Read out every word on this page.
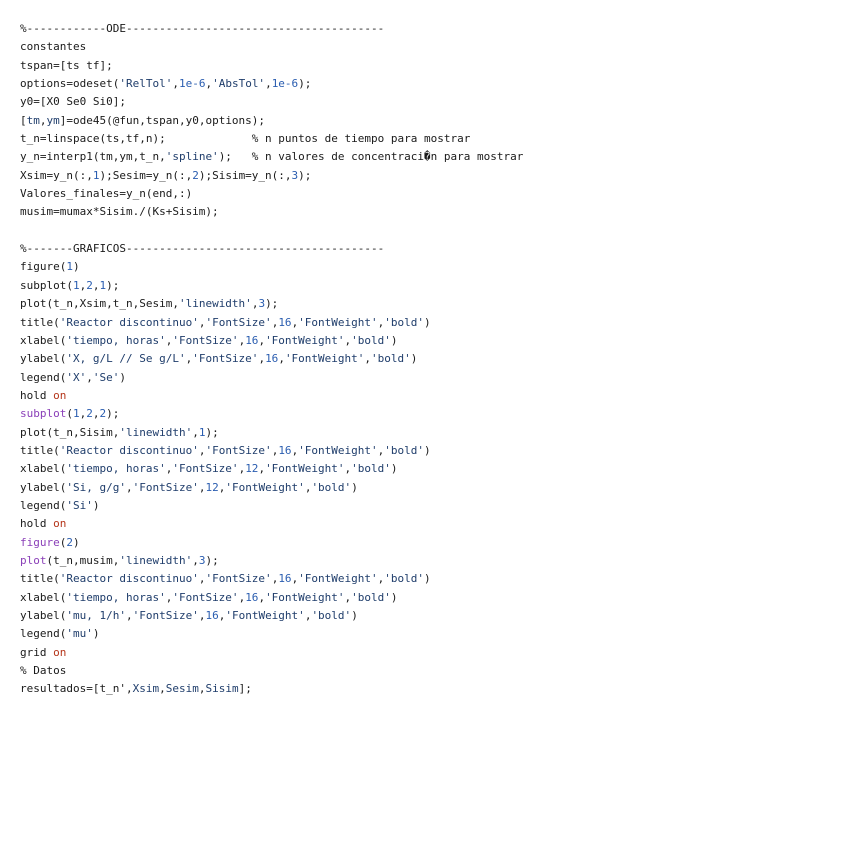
%------------ODE---------------------------------------
constantes
tspan=[ts tf];
options=odeset('RelTol',1e-6,'AbsTol',1e-6);
y0=[X0 Se0 Si0];
[tm,ym]=ode45(@fun,tspan,y0,options);
t_n=linspace(ts,tf,n);             % n puntos de tiempo para mostrar
y_n=interp1(tm,ym,t_n,'spline');   % n valores de concentraci�n para mostrar
Xsim=y_n(:,1);Sesim=y_n(:,2);Sisim=y_n(:,3);
Valores_finales=y_n(end,:)
musim=mumax*Sisim./(Ks+Sisim);
%-------GRAFICOS---------------------------------------
figure(1)
subplot(1,2,1);
plot(t_n,Xsim,t_n,Sesim,'linewidth',3);
title('Reactor discontinuo','FontSize',16,'FontWeight','bold')
xlabel('tiempo, horas','FontSize',16,'FontWeight','bold')
ylabel('X, g/L // Se g/L','FontSize',16,'FontWeight','bold')
legend('X','Se')
hold on
subplot(1,2,2);
plot(t_n,Sisim,'linewidth',1);
title('Reactor discontinuo','FontSize',16,'FontWeight','bold')
xlabel('tiempo, horas','FontSize',12,'FontWeight','bold')
ylabel('Si, g/g','FontSize',12,'FontWeight','bold')
legend('Si')
hold on
figure(2)
plot(t_n,musim,'linewidth',3);
title('Reactor discontinuo','FontSize',16,'FontWeight','bold')
xlabel('tiempo, horas','FontSize',16,'FontWeight','bold')
ylabel('mu, 1/h','FontSize',16,'FontWeight','bold')
legend('mu')
grid on
% Datos
resultados=[t_n',Xsim,Sesim,Sisim];
